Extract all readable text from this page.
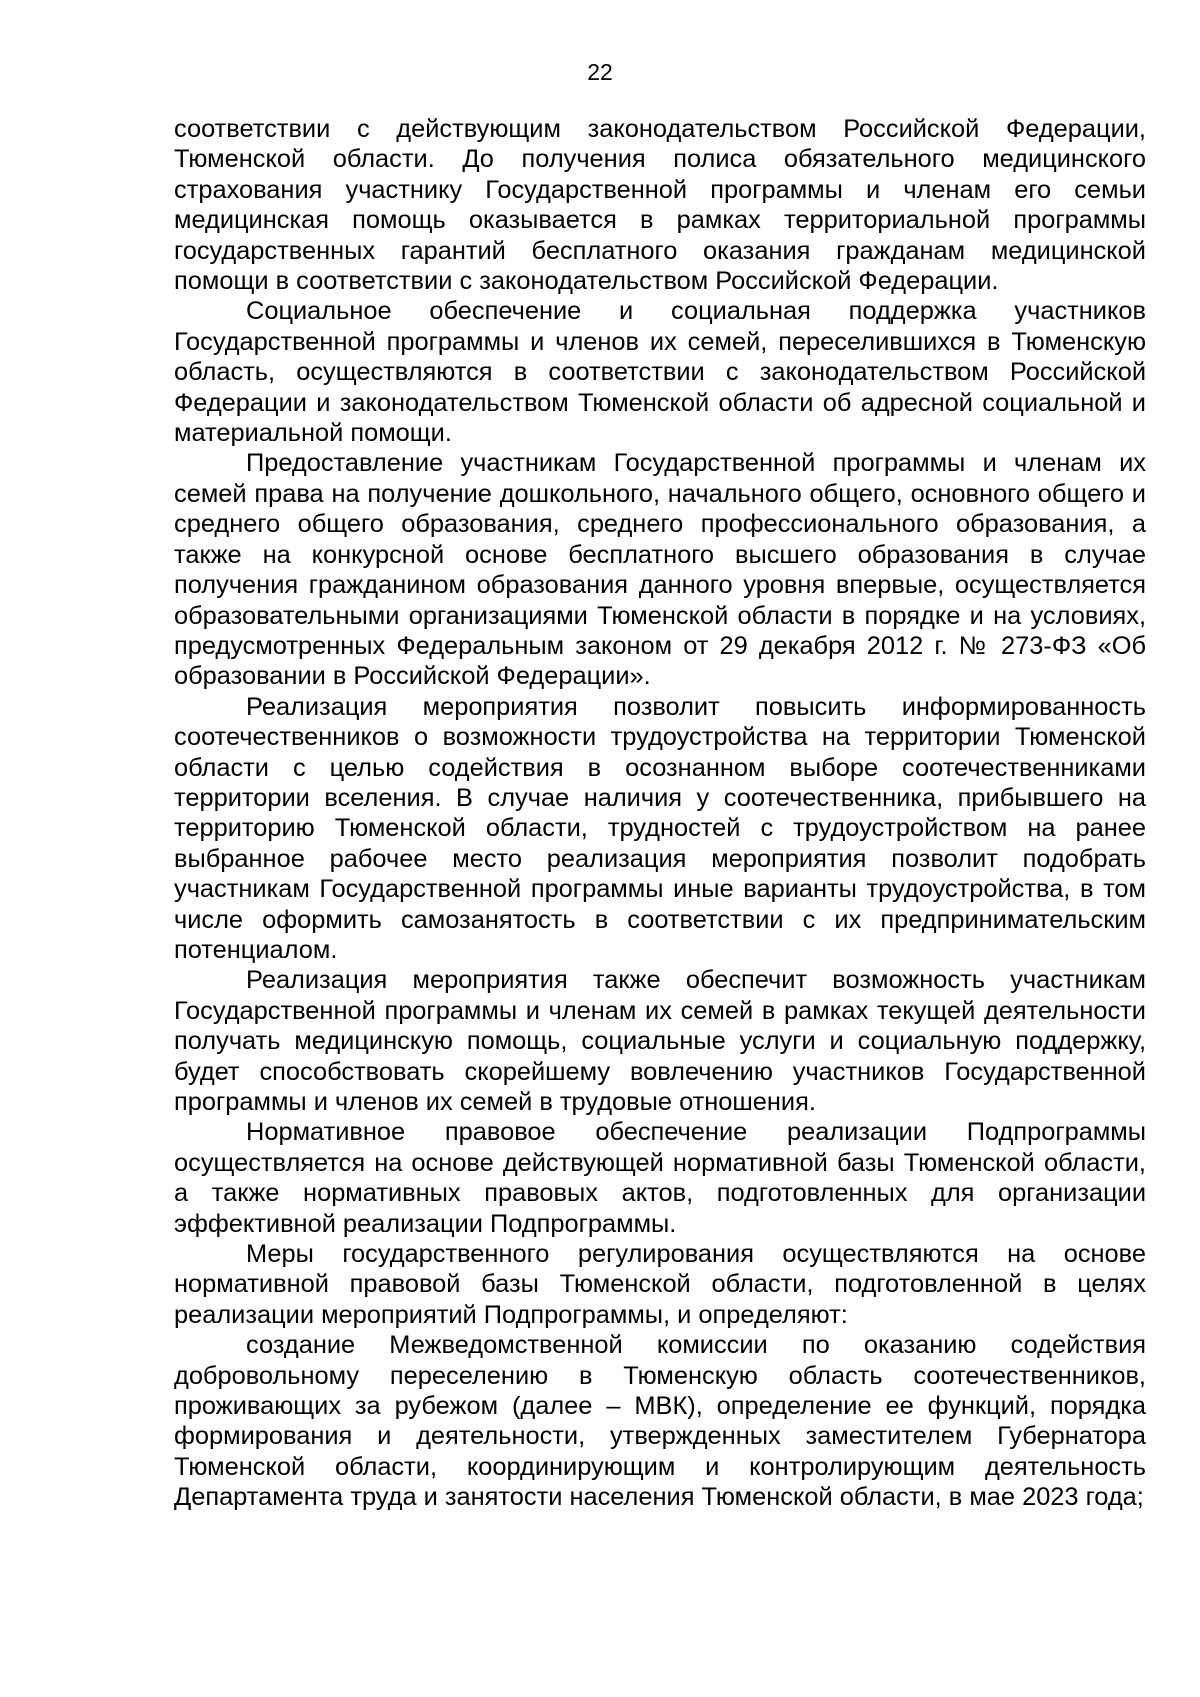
22

соответствии с действующим законодательством Российской Федерации, Тюменской области. До получения полиса обязательного медицинского страхования участнику Государственной программы и членам его семьи медицинская помощь оказывается в рамках территориальной программы государственных гарантий бесплатного оказания гражданам медицинской помощи в соответствии с законодательством Российской Федерации.

Социальное обеспечение и социальная поддержка участников Государственной программы и членов их семей, переселившихся в Тюменскую область, осуществляются в соответствии с законодательством Российской Федерации и законодательством Тюменской области об адресной социальной и материальной помощи.

Предоставление участникам Государственной программы и членам их семей права на получение дошкольного, начального общего, основного общего и среднего общего образования, среднего профессионального образования, а также на конкурсной основе бесплатного высшего образования в случае получения гражданином образования данного уровня впервые, осуществляется образовательными организациями Тюменской области в порядке и на условиях, предусмотренных Федеральным законом от 29 декабря 2012 г. № 273-ФЗ «Об образовании в Российской Федерации».

Реализация мероприятия позволит повысить информированность соотечественников о возможности трудоустройства на территории Тюменской области с целью содействия в осознанном выборе соотечественниками территории вселения. В случае наличия у соотечественника, прибывшего на территорию Тюменской области, трудностей с трудоустройством на ранее выбранное рабочее место реализация мероприятия позволит подобрать участникам Государственной программы иные варианты трудоустройства, в том числе оформить самозанятость в соответствии с их предпринимательским потенциалом.

Реализация мероприятия также обеспечит возможность участникам Государственной программы и членам их семей в рамках текущей деятельности получать медицинскую помощь, социальные услуги и социальную поддержку, будет способствовать скорейшему вовлечению участников Государственной программы и членов их семей в трудовые отношения.

Нормативное правовое обеспечение реализации Подпрограммы осуществляется на основе действующей нормативной базы Тюменской области, а также нормативных правовых актов, подготовленных для организации эффективной реализации Подпрограммы.

Меры государственного регулирования осуществляются на основе нормативной правовой базы Тюменской области, подготовленной в целях реализации мероприятий Подпрограммы, и определяют:

создание Межведомственной комиссии по оказанию содействия добровольному переселению в Тюменскую область соотечественников, проживающих за рубежом (далее – МВК), определение ее функций, порядка формирования и деятельности, утвержденных заместителем Губернатора Тюменской области, координирующим и контролирующим деятельность Департамента труда и занятости населения Тюменской области, в мае 2023 года;
